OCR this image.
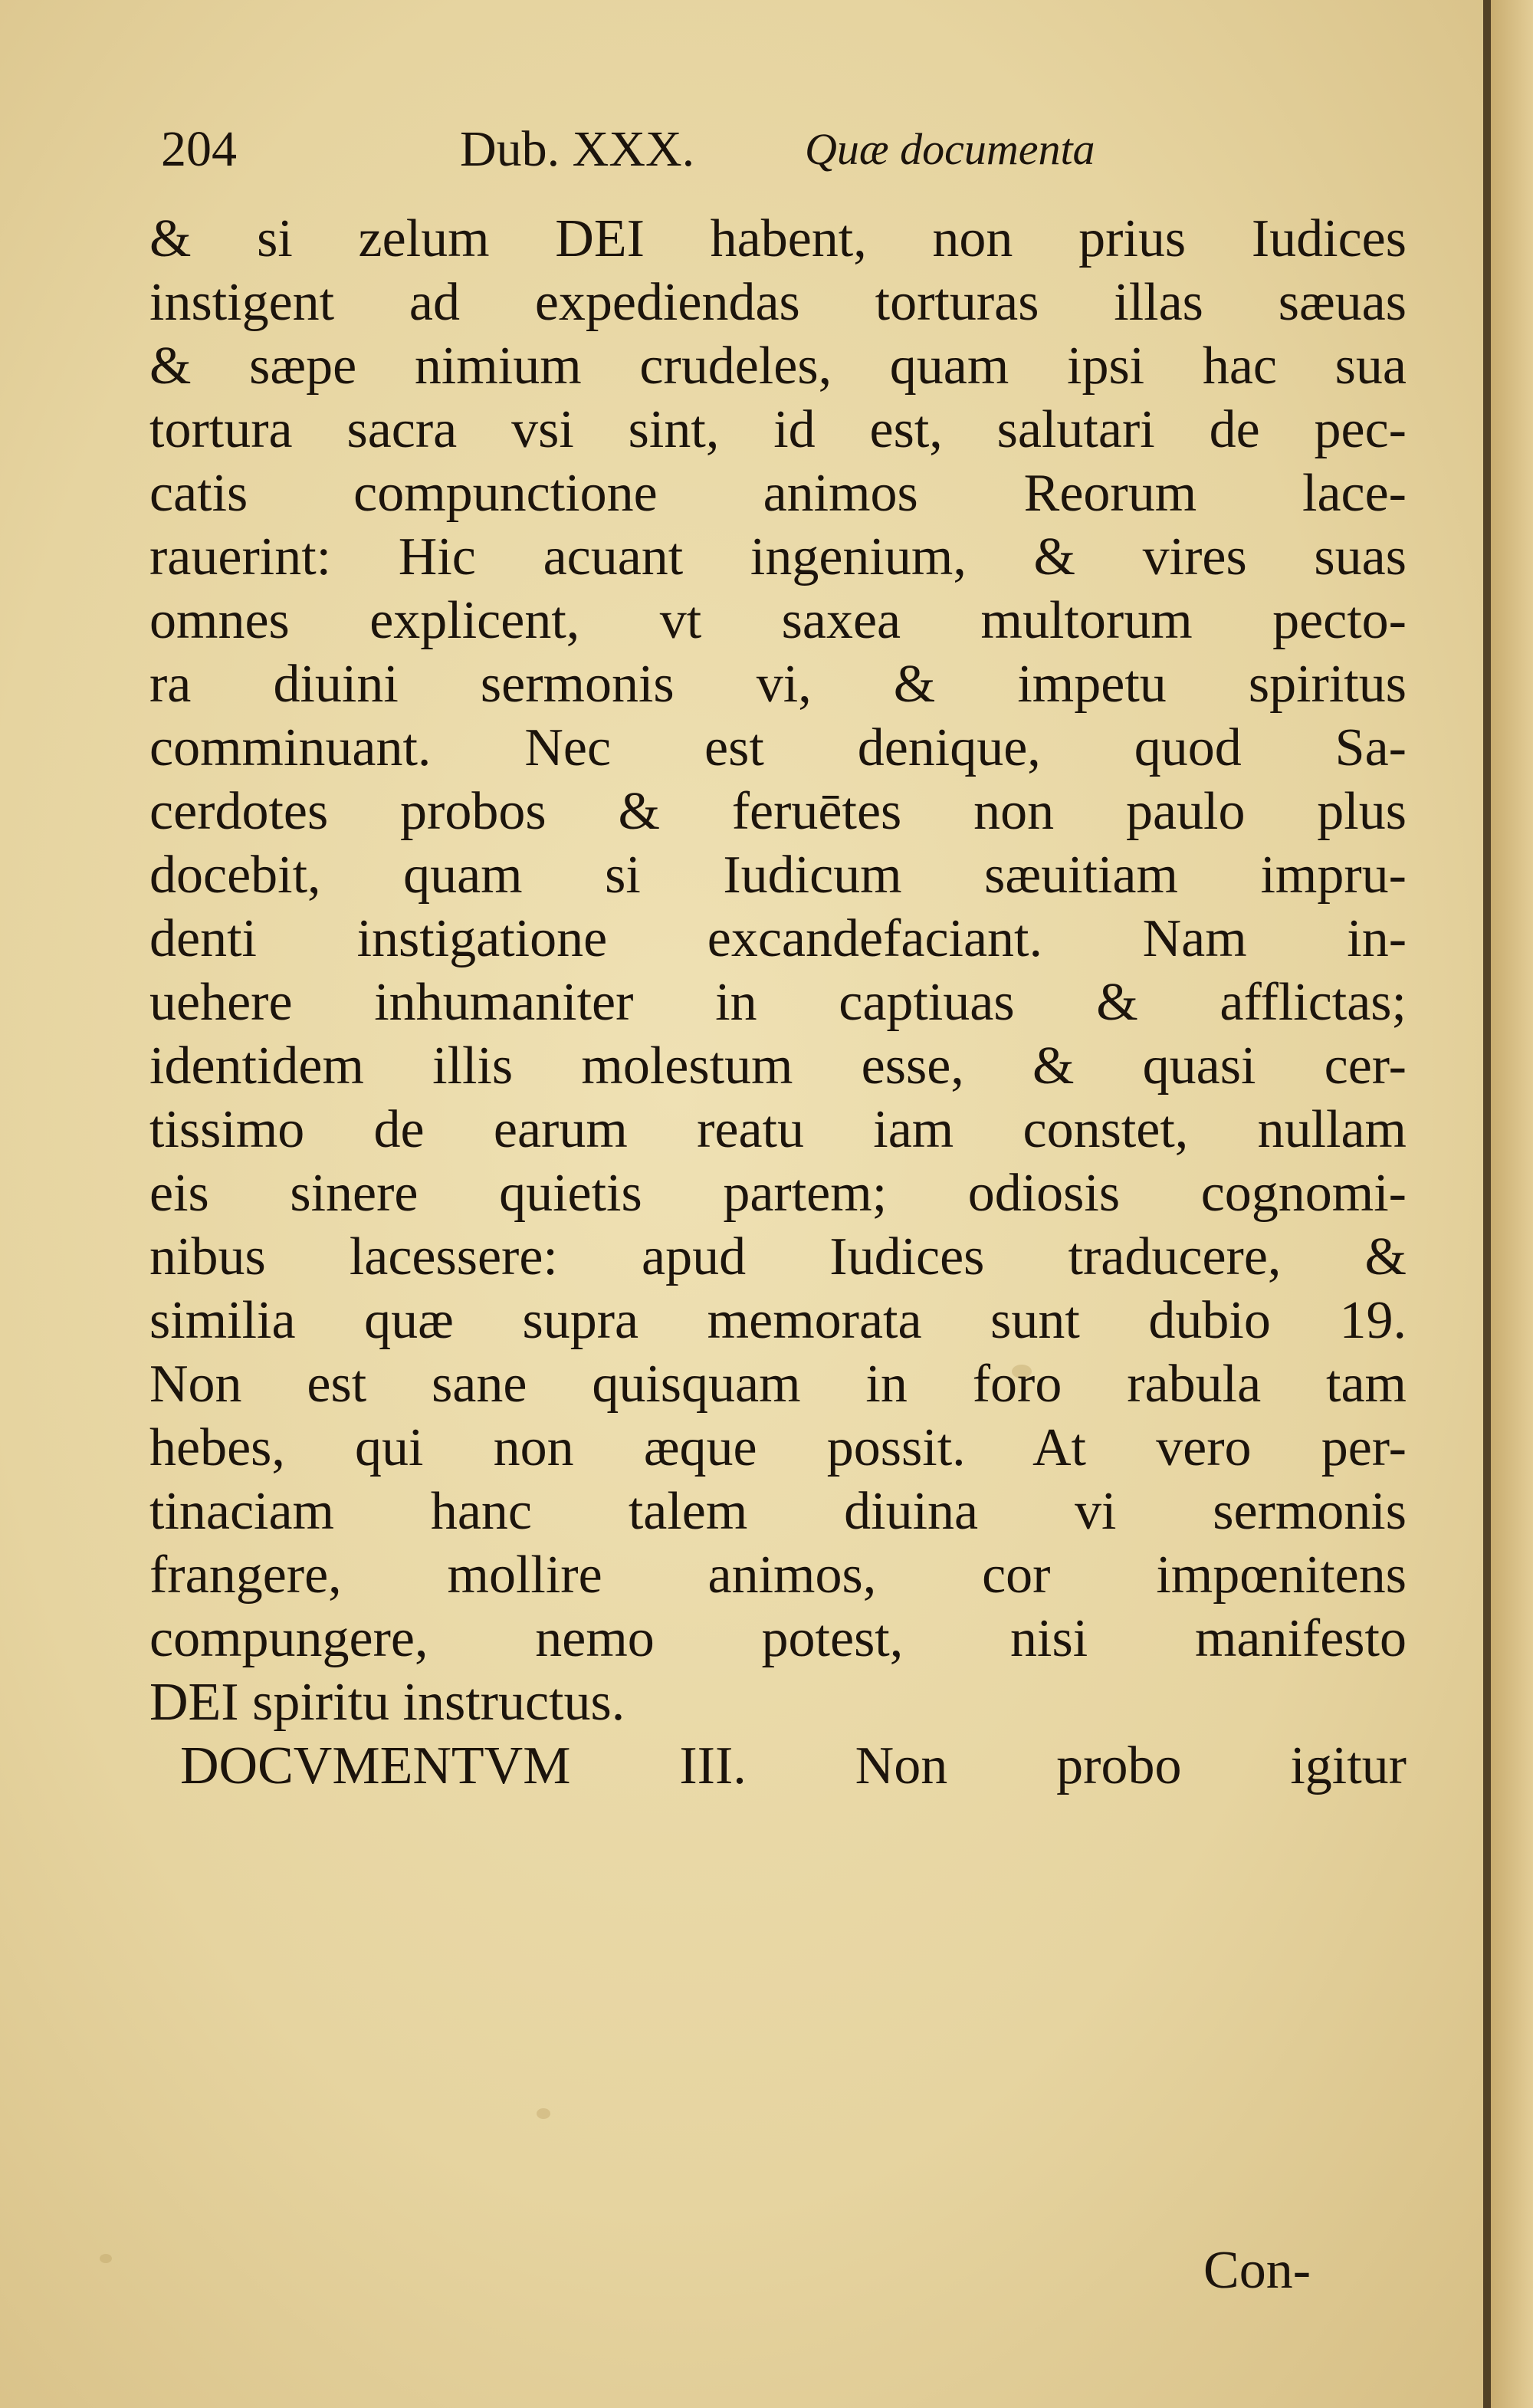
204	Dub. XXX. Quæ documenta
& si zelum DEI habent, non prius Iudices
instigent ad expediendas torturas illas sæuas
& sæpe nimium crudeles, quam ipsi hac sua
tortura sacra vsi sint, id est, salutari de pec-
catis compunctione animos Reorum lace-
rauerint: Hic acuant ingenium, & vires suas
omnes explicent, vt saxea multorum pecto-
ra diuini sermonis vi, & impetu spiritus
comminuant. Nec est denique, quod Sa-
cerdotes probos & feruētes non paulo plus
docebit, quam si Iudicum sæuitiam impru-
denti instigatione excandefaciant. Nam in-
uehere inhumaniter in captiuas & afflictas;
identidem illis molestum esse, & quasi cer-
tissimo de earum reatu iam constet, nullam
eis sinere quietis partem; odiosis cognomi-
nibus lacessere: apud Iudices traducere, &
similia quæ supra memorata sunt dubio 19.
Non est sane quisquam in foro rabula tam
hebes, qui non æque possit. At vero per-
tinaciam hanc talem diuina vi sermonis
frangere, mollire animos, cor impœnitens
compungere, nemo potest, nisi manifesto
DEI spiritu instructus.
DOCVMENTVM III. Non probo igitur
Con-
